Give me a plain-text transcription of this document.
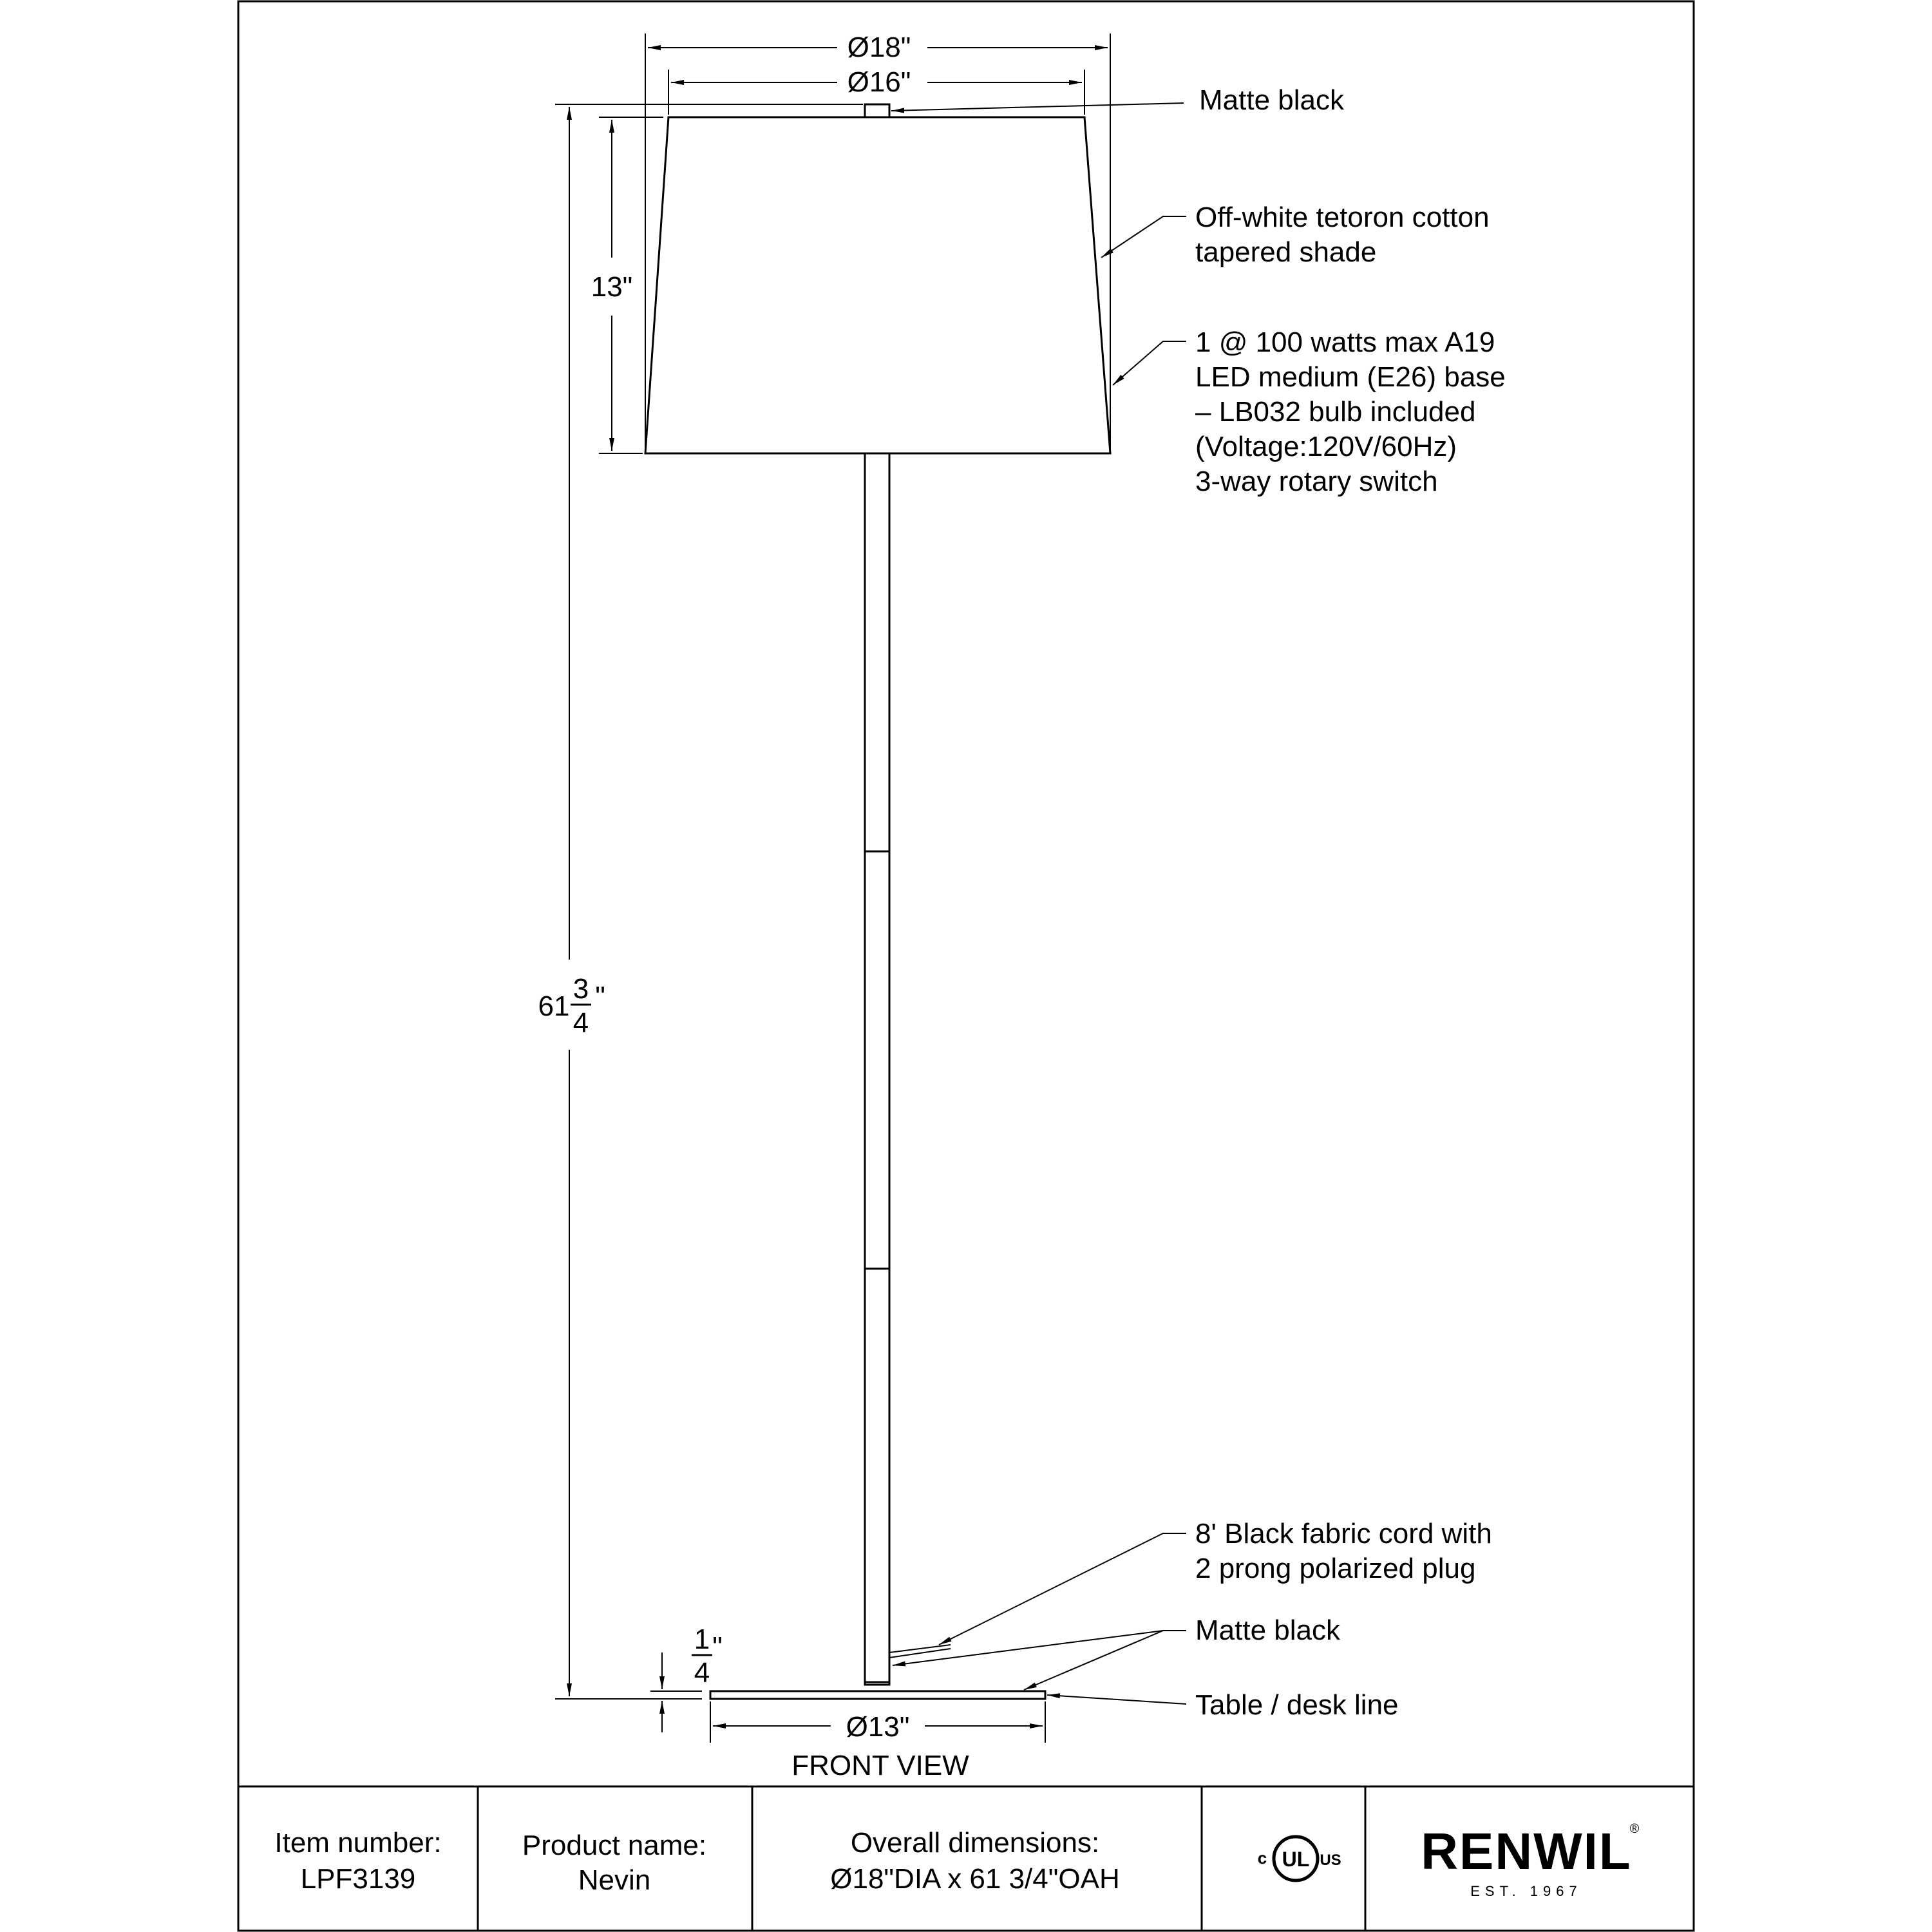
Ø18"
Ø16"
13"
61
3
4
"
1
4
"
Ø13"
FRONT VIEW
Matte black
Off-white tetoron cotton
tapered shade
1 @ 100 watts max A19
LED medium (E26) base
– LB032 bulb included
(Voltage:120V/60Hz)
3-way rotary switch
8' Black fabric cord with
2 prong polarized plug
Matte black
Table / desk line
Item number:
LPF3139
Product name:
Nevin
Overall dimensions:
Ø18"DIA x 61 3/4"OAH
c UL US RENWIL
®
EST. 1967
